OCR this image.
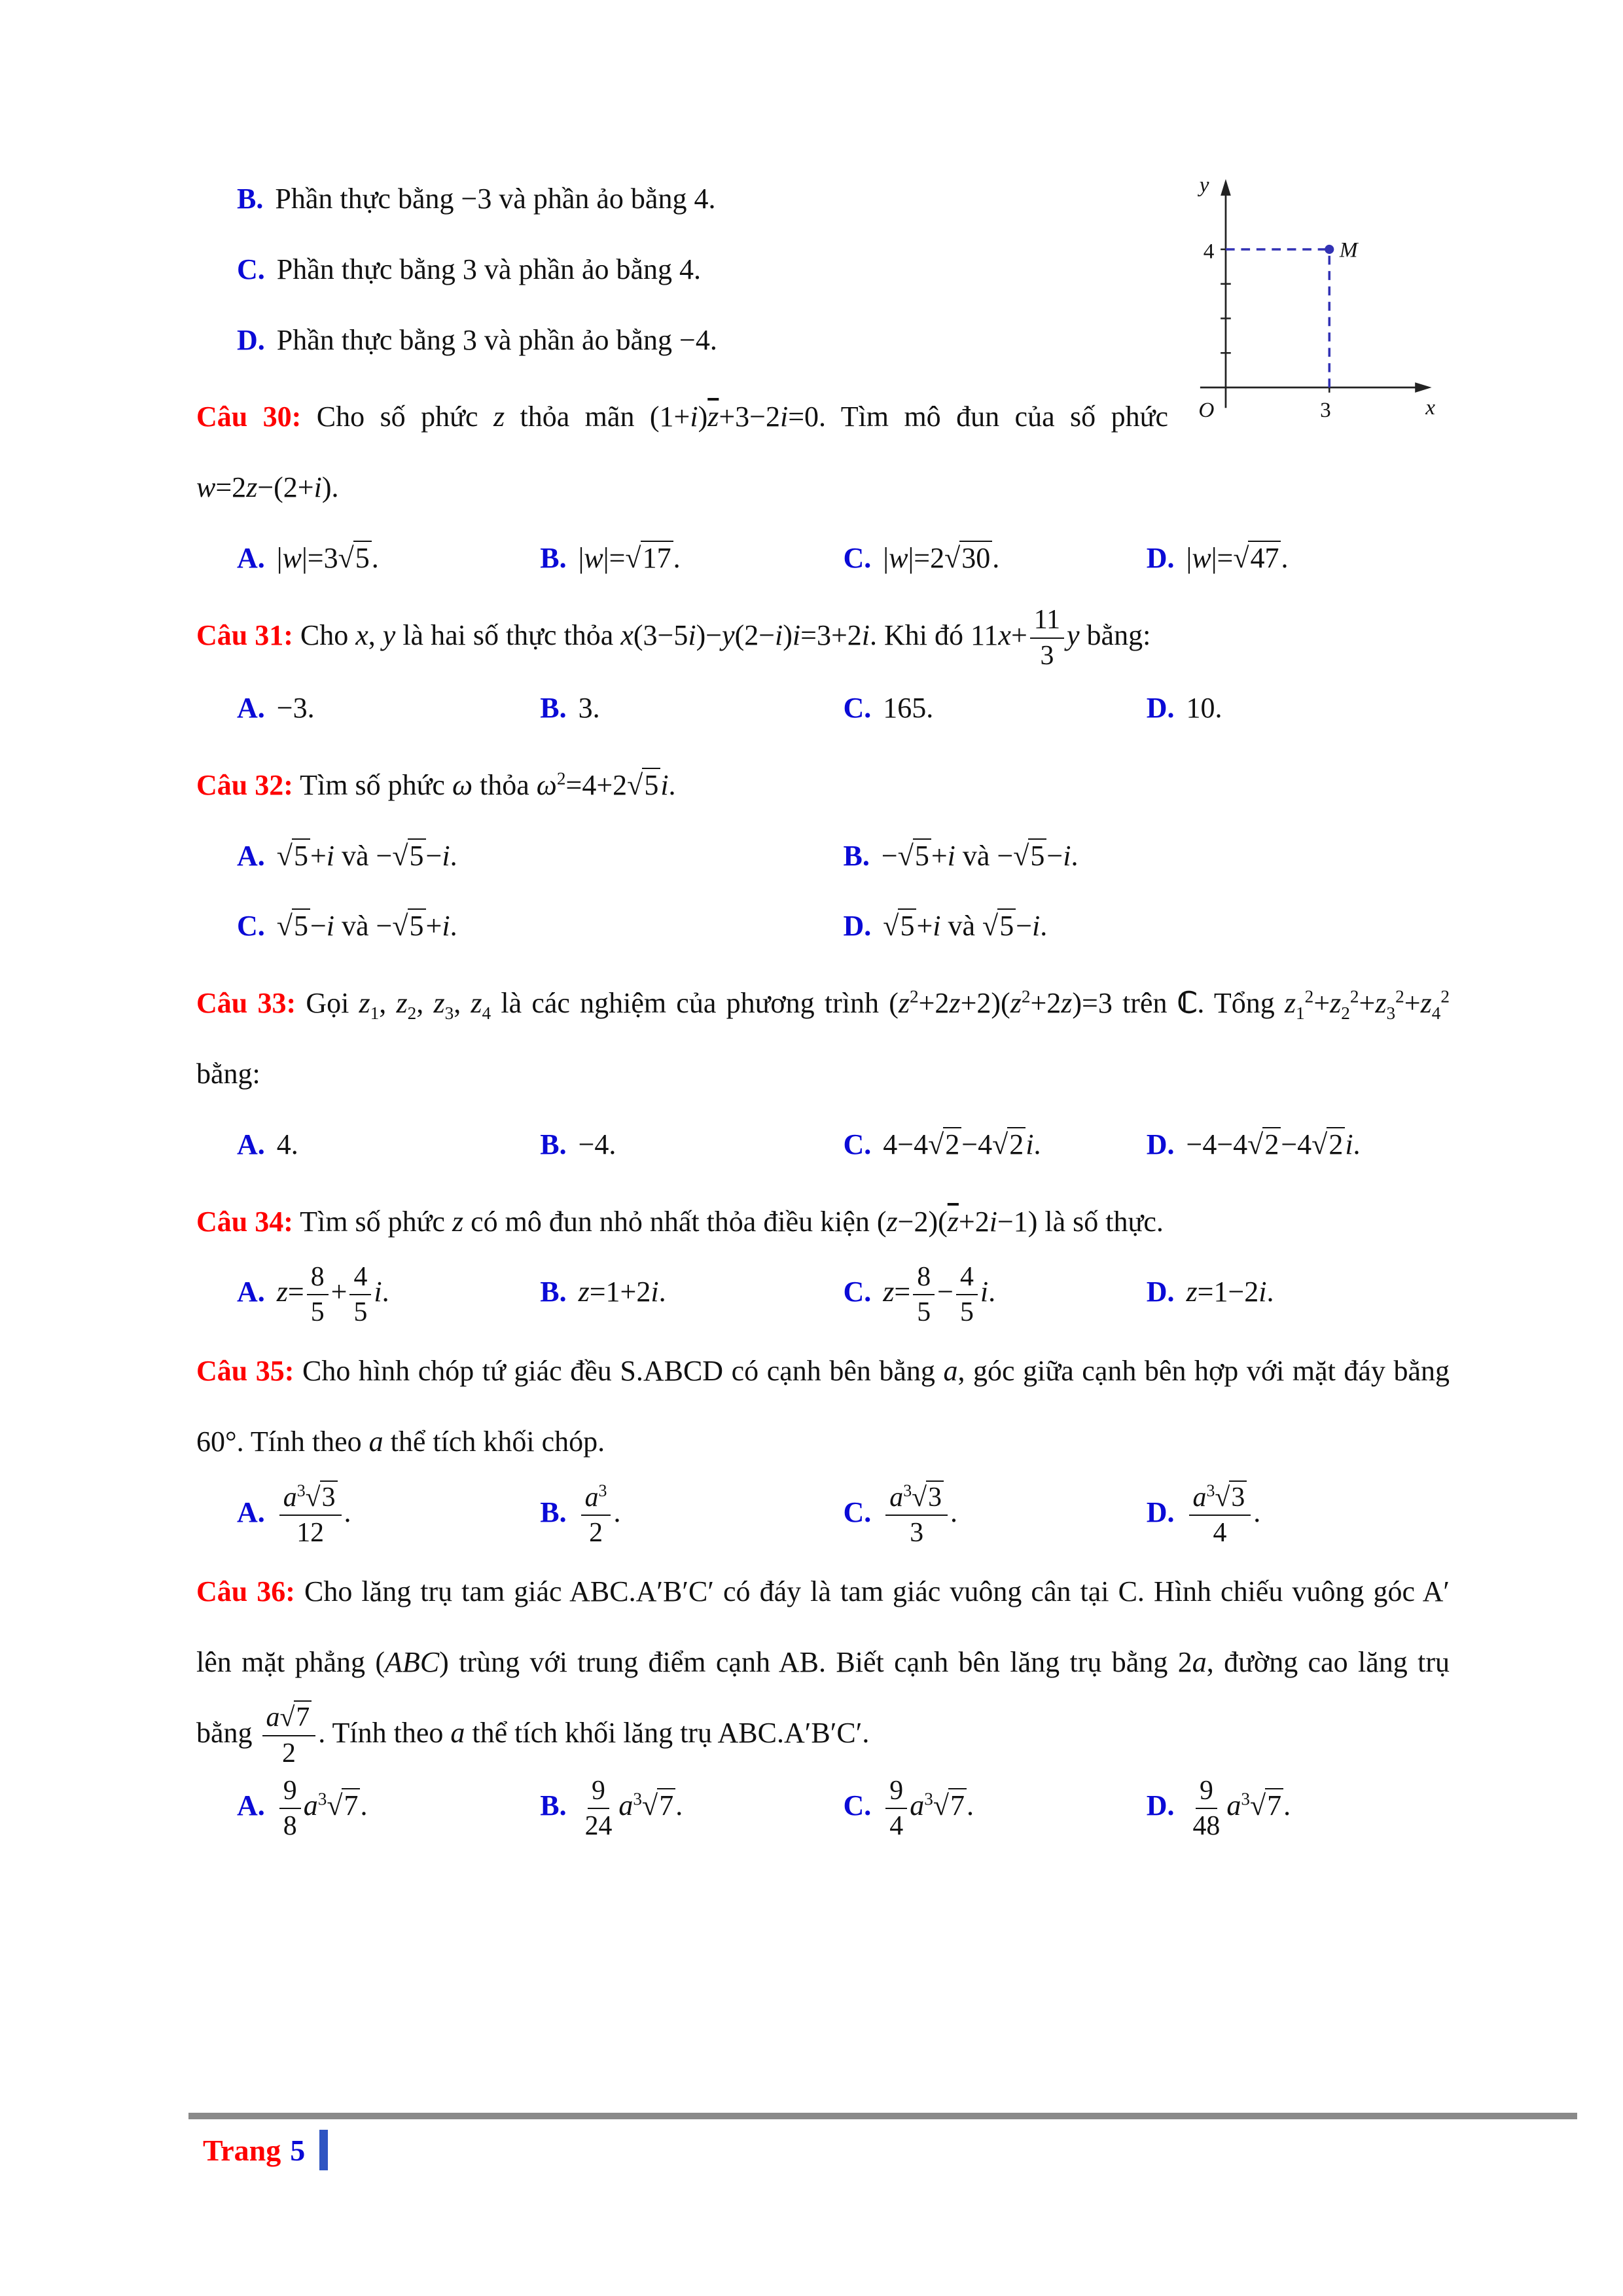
y
x
O
4
3
M
B. Phần thực bằng −3 và phần ảo bằng 4.
C. Phần thực bằng 3 và phần ảo bằng 4.
D. Phần thực bằng 3 và phần ảo bằng −4.

Câu 30: Cho số phức z thỏa mãn $(1+i)\overline{z}+3-2i=0$. Tìm mô đun của số phức w=2z−(2+i).

A. |w|=3√5.	B. |w|=√17.	C. |w|=2√30.	D. |w|=√47.

Câu 31: Cho x, y là hai số thực thỏa x(3−5i)−y(2−i)i=3+2i. Khi đó $11x+ \frac{11}{3}$ y bằng:

A. −3.	B. 3.	C. 165.	D. 10.

Câu 32: Tìm số phức ω thỏa $\omega^2=4+2√5i$.

A. √5+i và −√5−i.	B. −√5+i và −√5−i.
C. √5−i và −√5+i.	D. √5+i và √5−i.

Câu 33: Gọi $z_1$, $z_2$, $z_3$, $z_4$ là các nghiệm của phương trình $(z^2+2z+2)(z^2+2z)=3$ trên ℂ. Tổng $z_1^2+z_2^2+z_3^2+z_4^2$ bằng:

A. 4.	B. −4.	C. 4−4√2−4√2i.	D. −4−4√2−4√2i.

Câu 34: Tìm số phức z có mô đun nhỏ nhất thỏa điều kiện $(z-2)(\overline{z}+2i-1)$ là số thực.

A. $z= \frac{8}{5} + \frac{4}{5} i$.	B. z=1+2i.	C. $z= \frac{8}{5} - \frac{4}{5} i$.	D. z=1−2i.

Câu 35: Cho hình chóp tứ giác đều S.ABCD có cạnh bên bằng a, góc giữa cạnh bên hợp với mặt đáy bằng 60°. Tính theo a thể tích khối chóp.

A. $\frac{a^3√3}{12}$ .	B. $\frac{a^3}{2}$ .	C. $\frac{a^3√3}{3}$ .	D. $\frac{a^3√3}{4}$ .

Câu 36: Cho lăng trụ tam giác ABC.A′B′C′ có đáy là tam giác vuông cân tại C. Hình chiếu vuông góc A′ lên mặt phẳng (ABC) trùng với trung điểm cạnh AB. Biết cạnh bên lăng trụ bằng 2a, đường cao lăng trụ bằng $\frac{a√7}{2}$ . Tính theo a thể tích khối lăng trụ ABC.A′B′C′.

A. $\frac{9}{8} a^3√7$.	B. $\frac{9}{24} a^3√7$.	C. $\frac{9}{4} a^3√7$.	D. $\frac{9}{48} a^3√7$.
Trang 5
